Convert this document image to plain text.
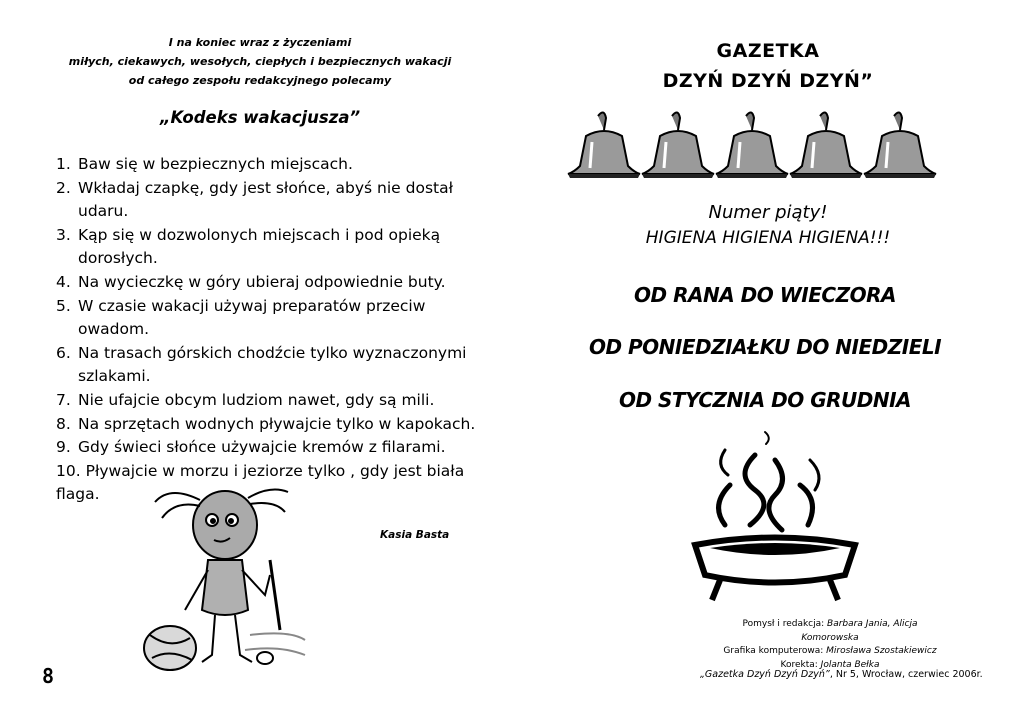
I na koniec wraz z życzeniami
miłych, ciekawych, wesołych, ciepłych i bezpiecznych wakacji
od całego zespołu redakcyjnego polecamy
„Kodeks wakacjusza”
1. Baw się w bezpiecznych miejscach.
2. Wkładaj czapkę, gdy jest słońce, abyś nie dostał udaru.
3. Kąp się w dozwolonych miejscach i pod opieką dorosłych.
4. Na wycieczkę w góry ubieraj odpowiednie buty.
5. W czasie wakacji używaj preparatów przeciw owadom.
6. Na trasach górskich chodźcie tylko wyznaczonymi szlakami.
7. Nie ufajcie obcym ludziom nawet, gdy są mili.
8. Na sprzętach wodnych pływajcie tylko w kapokach.
9. Gdy świeci słońce używajcie kremów z filarami.
10. Pływajcie w morzu i jeziorze tylko , gdy jest biała flaga.
Kasia Basta
8
GAZETKA
DZYŃ DZYŃ DZYŃ”
Numer piąty!
HIGIENA HIGIENA HIGIENA!!!
OD RANA DO WIECZORA
OD PONIEDZIAŁKU DO NIEDZIELI
OD STYCZNIA DO GRUDNIA
Pomysł i redakcja: Barbara Jania, Alicja Komorowska
Grafika komputerowa: Mirosława Szostakiewicz
Korekta: Jolanta Bełka
„Gazetka Dzyń Dzyń Dzyń”, Nr 5, Wrocław, czerwiec 2006r.
